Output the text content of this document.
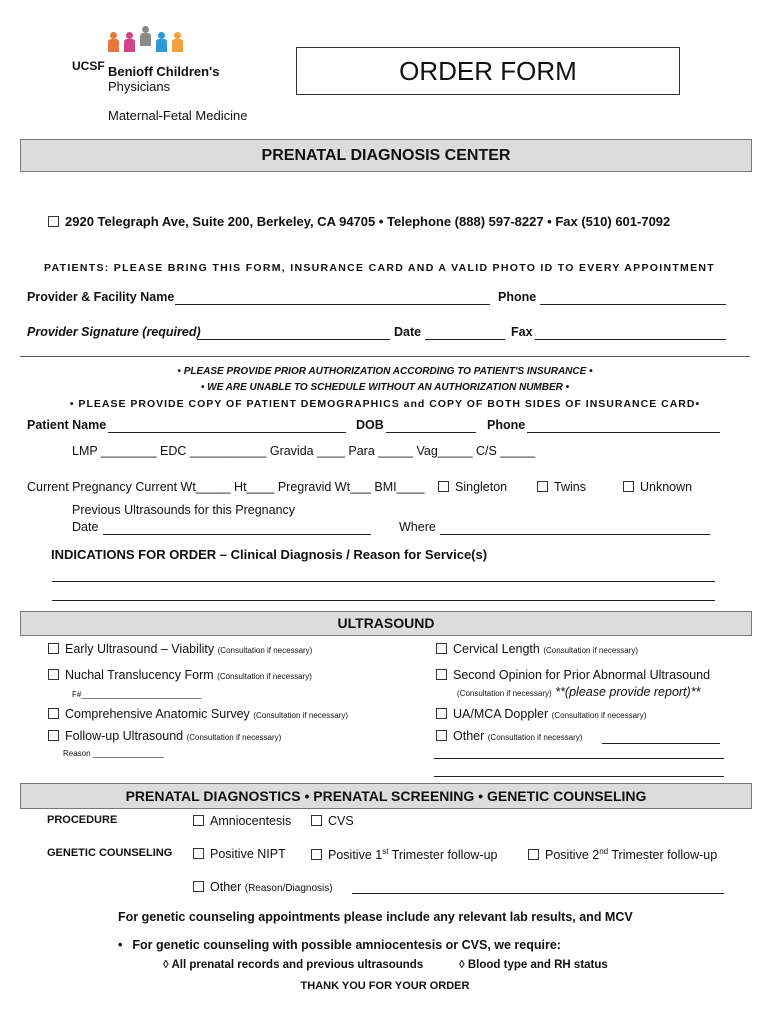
UCSF Benioff Children's
Physicians
Maternal-Fetal Medicine
ORDER FORM
PRENATAL DIAGNOSIS CENTER
2920 Telegraph Ave, Suite 200, Berkeley, CA 94705 • Telephone (888) 597-8227 • Fax (510) 601-7092
PATIENTS: PLEASE BRING THIS FORM, INSURANCE CARD AND A VALID PHOTO ID TO EVERY APPOINTMENT
Provider & Facility Name	Phone
Provider Signature (required)	Date	Fax
• PLEASE PROVIDE PRIOR AUTHORIZATION ACCORDING TO PATIENT'S INSURANCE •
• WE ARE UNABLE TO SCHEDULE WITHOUT AN AUTHORIZATION NUMBER •
• PLEASE PROVIDE COPY OF PATIENT DEMOGRAPHICS and COPY OF BOTH SIDES OF INSURANCE CARD•
Patient Name	DOB	Phone
LMP ________ EDC ___________ Gravida ____ Para _____ Vag_____ C/S _____
Current Pregnancy Current Wt_____ Ht____ Pregravid Wt___ BMI____	Singleton	Twins	Unknown
Previous Ultrasounds for this Pregnancy
Date	Where
INDICATIONS FOR ORDER – Clinical Diagnosis / Reason for Service(s)
ULTRASOUND
Early Ultrasound – Viability (Consultation if necessary)
Nuchal Translucency Form (Consultation if necessary)
F#___________________________
Comprehensive Anatomic Survey (Consultation if necessary)
Follow-up Ultrasound (Consultation if necessary)
Reason ________________
Cervical Length (Consultation if necessary)
Second Opinion for Prior Abnormal Ultrasound
(Consultation if necessary) **(please provide report)**
UA/MCA Doppler (Consultation if necessary)
Other (Consultation if necessary)
PRENATAL DIAGNOSTICS • PRENATAL SCREENING • GENETIC COUNSELING
PROCEDURE	Amniocentesis	CVS
GENETIC COUNSELING	Positive NIPT	Positive 1st Trimester follow-up	Positive 2nd Trimester follow-up
Other (Reason/Diagnosis)
For genetic counseling appointments please include any relevant lab results, and MCV
• For genetic counseling with possible amniocentesis or CVS, we require:
◊ All prenatal records and previous ultrasounds	◊ Blood type and RH status
THANK YOU FOR YOUR ORDER
